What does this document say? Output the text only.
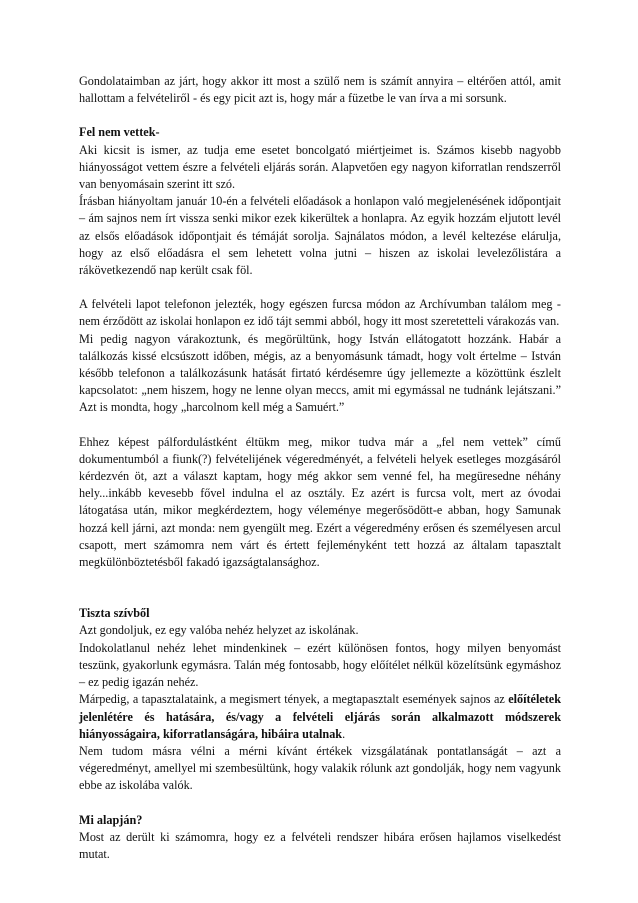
Gondolataimban az járt, hogy akkor itt most a szülő nem is számít annyira – eltérően attól, amit hallottam a felvételiről - és egy picit azt is, hogy már a füzetbe le van írva a mi sorsunk.

Fel nem vettek-

Aki kicsit is ismer, az tudja eme esetet boncolgató miértjeimet is. Számos kisebb nagyobb hiányosságot vettem észre a felvételi eljárás során. Alapvetően egy nagyon kiforratlan rendszerről van benyomásain szerint itt szó.

Írásban hiányoltam január 10-én a felvételi előadások a honlapon való megjelenésének időpontjait – ám sajnos nem írt vissza senki mikor ezek kikerültek a honlapra. Az egyik hozzám eljutott levél az elsős előadások időpontjait és témáját sorolja. Sajnálatos módon, a levél keltezése elárulja, hogy az első előadásra el sem lehetett volna jutni – hiszen az iskolai levelezőlistára a rákövetkezendő nap került csak föl.

A felvételi lapot telefonon jelezték, hogy egészen furcsa módon az Archívumban találom meg - nem érződött az iskolai honlapon ez idő tájt semmi abból, hogy itt most szeretetteli várakozás van.

Mi pedig nagyon várakoztunk, és megörültünk, hogy István ellátogatott hozzánk. Habár a találkozás kissé elcsúszott időben, mégis, az a benyomásunk támadt, hogy volt értelme – István később telefonon a találkozásunk hatását firtató kérdésemre úgy jellemezte a közöttünk észlelt kapcsolatot: „nem hiszem, hogy ne lenne olyan meccs, amit mi egymással ne tudnánk lejátszani.” Azt is mondta, hogy „harcolnom kell még a Samuért.”

Ehhez képest pálfordulástként éltükm meg, mikor tudva már a „fel nem vettek” című dokumentumból a fiunk(?) felvételijének végeredményét, a felvételi helyek esetleges mozgásáról kérdezvén öt, azt a választ kaptam, hogy még akkor sem venné fel, ha megüresedne néhány hely...inkább kevesebb fővel indulna el az osztály. Ez azért is furcsa volt, mert az óvodai látogatása után, mikor megkérdeztem, hogy véleménye megerősödött-e abban, hogy Samunak hozzá kell járni, azt monda: nem gyengült meg. Ezért a végeredmény erősen és személyesen arcul csapott, mert számomra nem várt és értett fejleményként tett hozzá az általam tapasztalt megkülönböztetésből fakadó igazságtalansághoz.

Tiszta szívből

Azt gondoljuk, ez egy valóba nehéz helyzet az iskolának.

Indokolatlanul nehéz lehet mindenkinek – ezért különösen fontos, hogy milyen benyomást teszünk, gyakorlunk egymásra. Talán még fontosabb, hogy előítélet nélkül közelítsünk egymáshoz – ez pedig igazán nehéz.

Márpedig, a tapasztalataink, a megismert tények, a megtapasztalt események sajnos az előítéletek jelenlétére és hatására, és/vagy a felvételi eljárás során alkalmazott módszerek hiányosságaira, kiforratlanságára, hibáira utalnak.

Nem tudom másra vélni a mérni kívánt értékek vizsgálatának pontatlanságát – azt a végeredményt, amellyel mi szembesültünk, hogy valakik rólunk azt gondolják, hogy nem vagyunk ebbe az iskolába valók.

Mi alapján?

Most az derült ki számomra, hogy ez a felvételi rendszer hibára erősen hajlamos viselkedést mutat.
